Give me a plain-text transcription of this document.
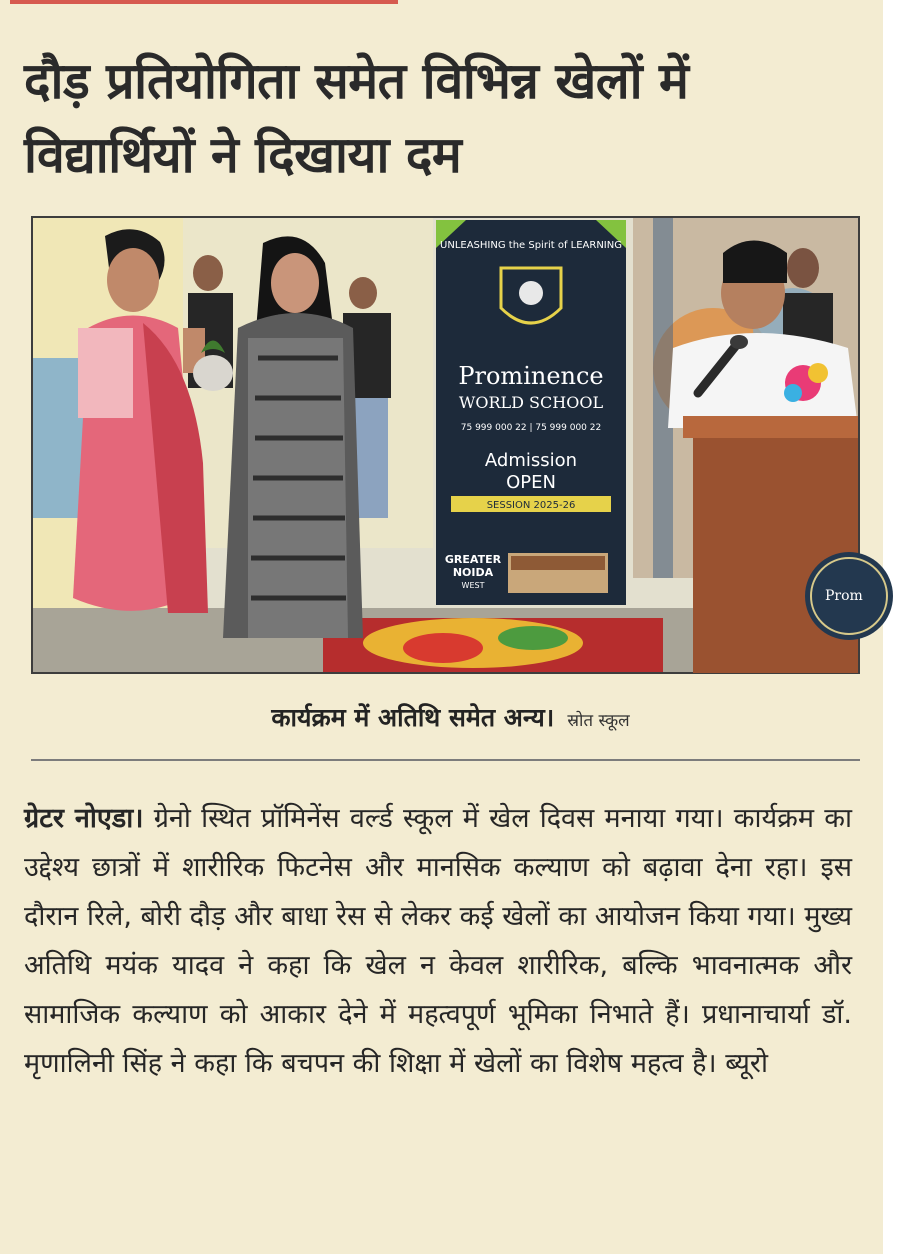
दौड़ प्रतियोगिता समेत विभिन्न खेलों में विद्यार्थियों ने दिखाया दम
UNLEASHING the Spirit of LEARNING
Prominence
WORLD SCHOOL
75 999 000 22 | 75 999 000 22
Admission
OPEN
SESSION 2025-26
GREATER
NOIDA
WEST
Prom
कार्यक्रम में अतिथि समेत अन्य। स्रोत स्कूल

ग्रेटर नोएडा। ग्रेनो स्थित प्रॉमिनेंस वर्ल्ड स्कूल में खेल दिवस मनाया गया। कार्यक्रम का उद्देश्य छात्रों में शारीरिक फिटनेस और मानसिक कल्याण को बढ़ावा देना रहा। इस दौरान रिले, बोरी दौड़ और बाधा रेस से लेकर कई खेलों का आयोजन किया गया। मुख्य अतिथि मयंक यादव ने कहा कि खेल न केवल शारीरिक, बल्कि भावनात्मक और सामाजिक कल्याण को आकार देने में महत्वपूर्ण भूमिका निभाते हैं। प्रधानाचार्या डॉ. मृणालिनी सिंह ने कहा कि बचपन की शिक्षा में खेलों का विशेष महत्व है। ब्यूरो
